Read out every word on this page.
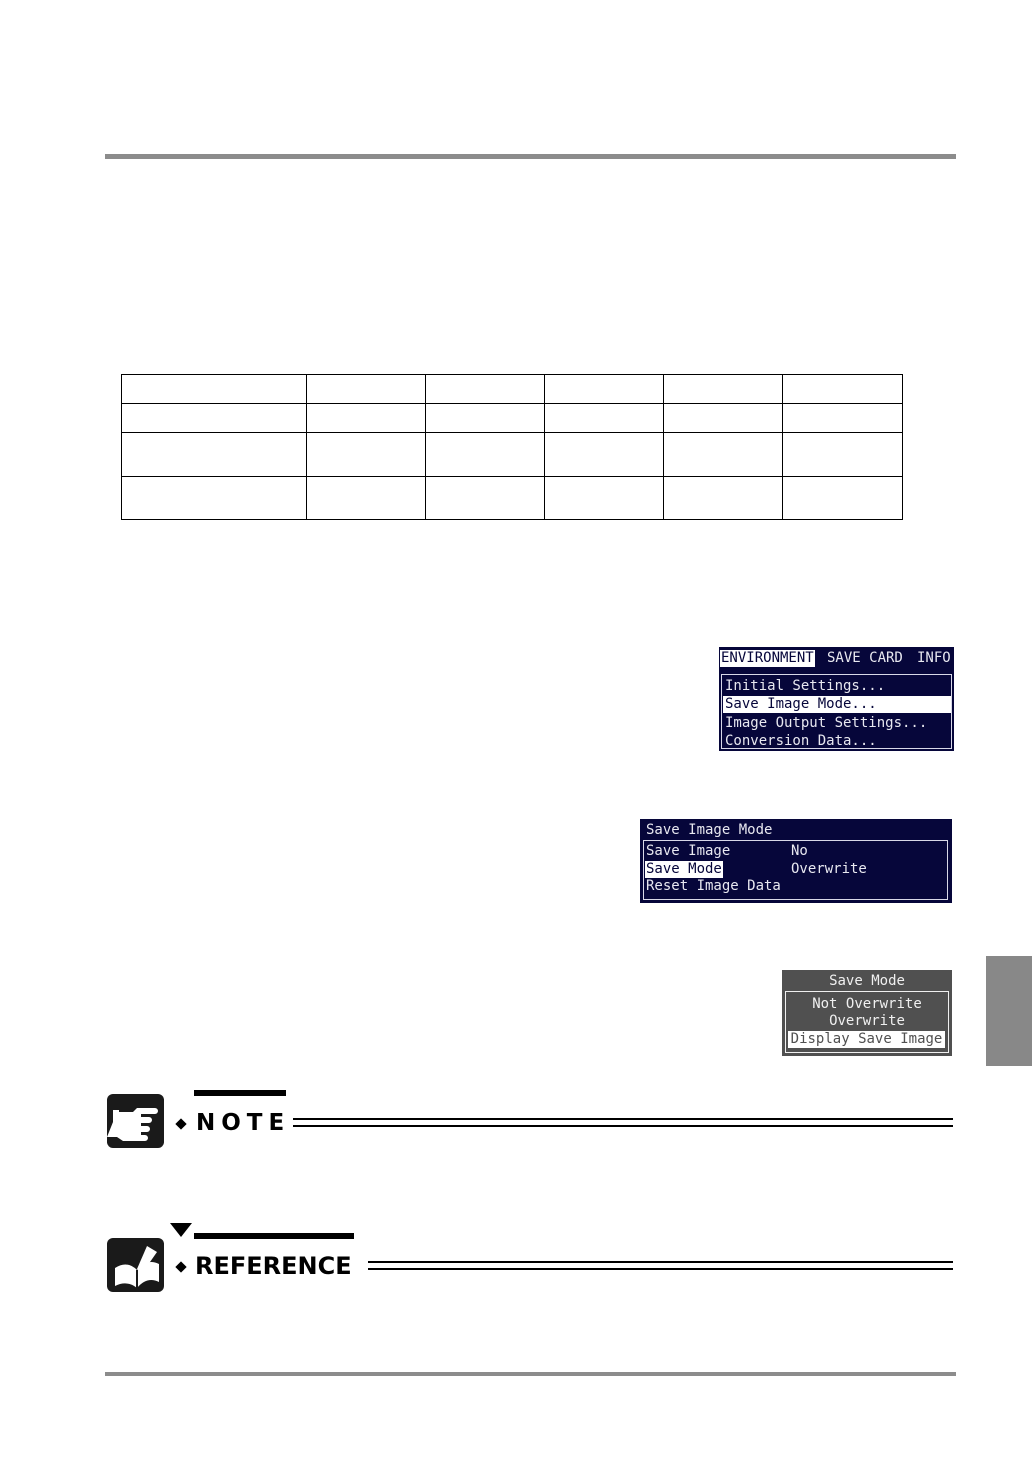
ENVIRONMENT SAVE CARD INFO
Initial Settings...
Save Image Mode...
Image Output Settings...
Conversion Data...
Save Image Mode
Save Image	No
Save Mode	Overwrite
Reset Image Data
Save Mode
Not Overwrite
Overwrite
Display Save Image
NOTE
REFERENCE
